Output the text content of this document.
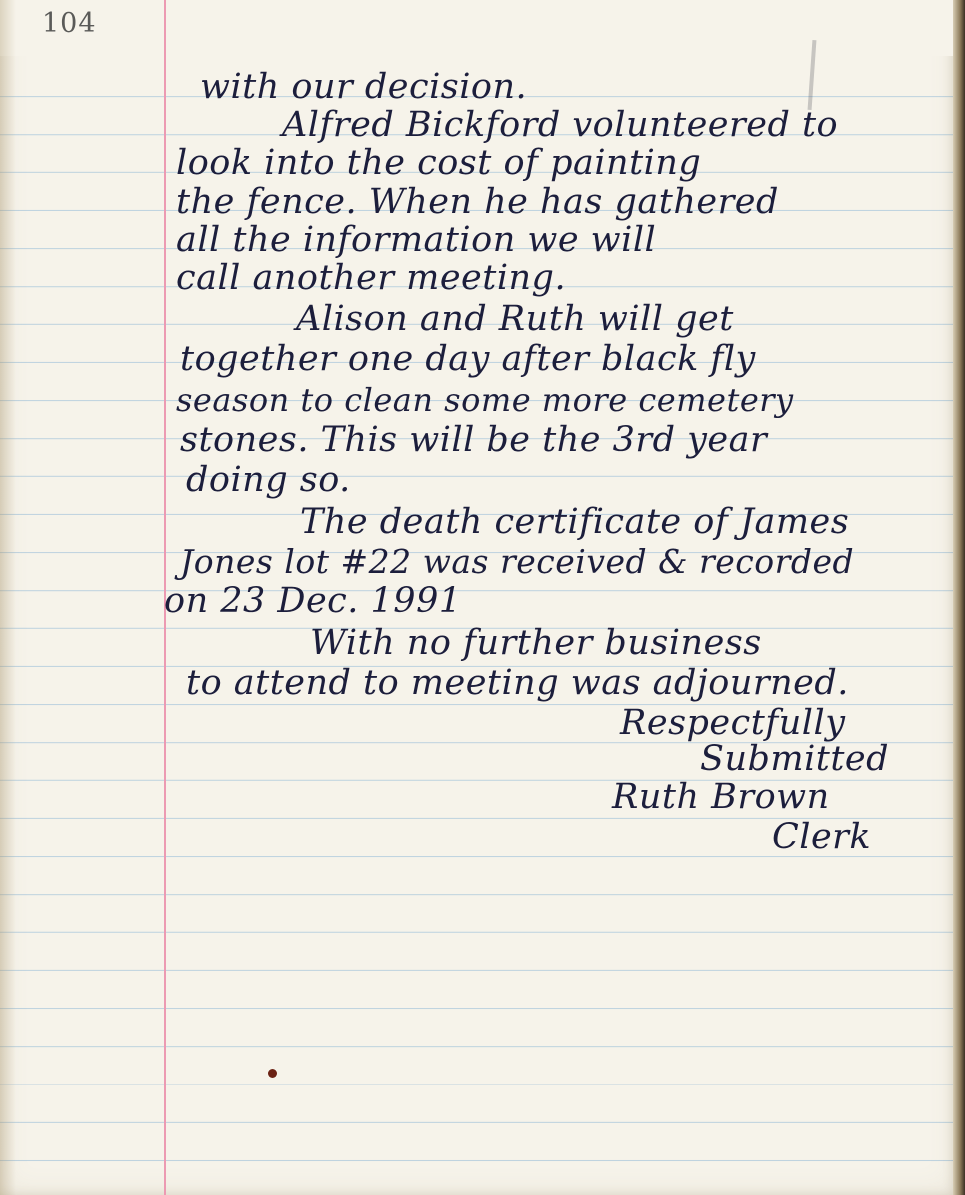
104
with our decision.
Alfred Bickford volunteered to
look into the cost of painting
the fence. When he has gathered
all the information we will
call another meeting.
Alison and Ruth will get
together one day after black fly
season to clean some more cemetery
stones. This will be the 3rd year
doing so.
The death certificate of James
Jones lot #22 was received & recorded
on 23 Dec. 1991
With no further business
to attend to meeting was adjourned.
Respectfully
Submitted
Ruth Brown
Clerk
